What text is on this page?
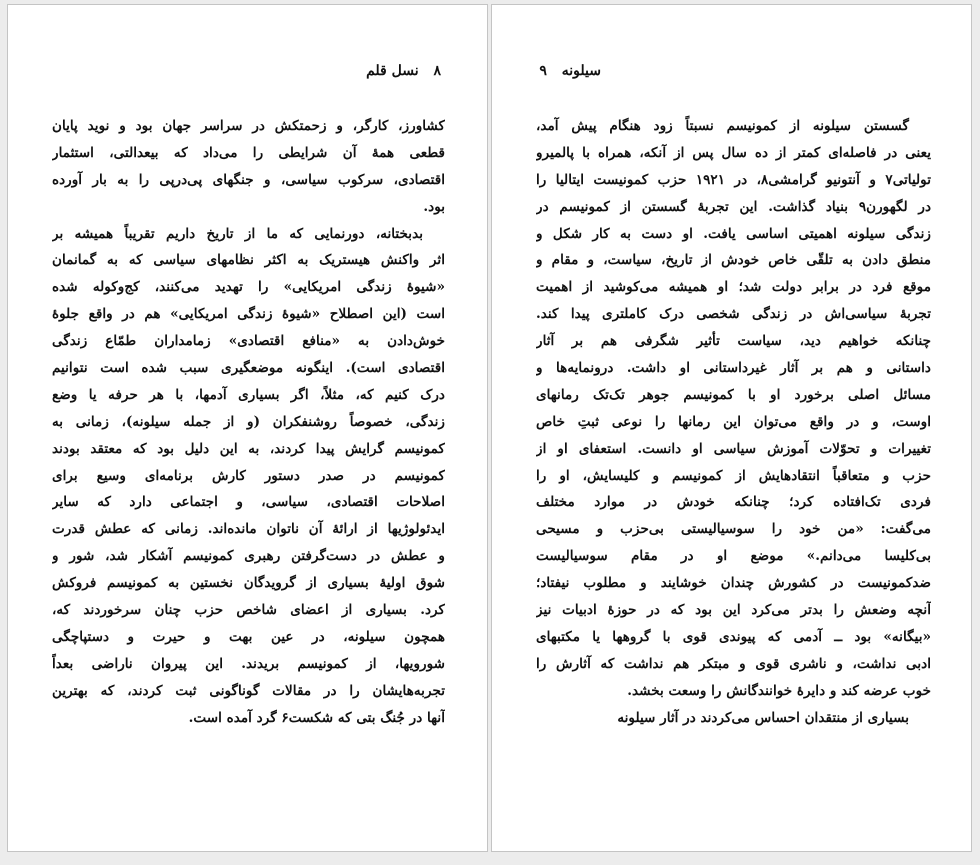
۸ نسل قلم
کشاورز، کارگر، و زحمتکش در سراسر جهان بود و نوید پایان
قطعی همهٔ آن شرایطی را می‌داد که بیعدالتی، استثمار
اقتصادی، سرکوب سیاسی، و جنگهای پی‌درپی را به بار آورده
بود.
بدبختانه، دورنمایی که ما از تاریخ داریم تقریباً همیشه بر
اثر واکنش هیستریک به اکثر نظامهای سیاسی که به گمانمان
«شیوهٔ زندگی امریکایی» را تهدید می‌کنند، کج‌وکوله شده
است (این اصطلاح «شیوهٔ زندگی امریکایی» هم در واقع جلوهٔ
خوش‌دادن به «منافع اقتصادی» زمامداران طمّاع زندگی
اقتصادی است). اینگونه موضعگیری سبب شده است نتوانیم
درک کنیم که، مثلاً، اگر بسیاری آدمها، با هر حرفه یا وضع
زندگی، خصوصاً روشنفکران (و از جمله سیلونه)، زمانی به
کمونیسم گرایش پیدا کردند، به این دلیل بود که معتقد بودند
کمونیسم در صدر دستور کارش برنامه‌ای وسیع برای
اصلاحات اقتصادی، سیاسی، و اجتماعی دارد که سایر
ایدئولوژیها از ارائهٔ آن ناتوان مانده‌اند. زمانی که عطش قدرت
و عطش در دست‌گرفتن رهبری کمونیسم آشکار شد، شور و
شوق اولیهٔ بسیاری از گرویدگان نخستین به کمونیسم فروکش
کرد. بسیاری از اعضای شاخص حزب چنان سرخوردند که،
همچون سیلونه، در عین بهت و حیرت و دستپاچگی
شورویها، از کمونیسم بریدند. این پیروان ناراضی بعداً
تجربه‌هایشان را در مقالات گوناگونی ثبت کردند، که بهترین
آنها در جُنگ بتی که شکست۶ گرد آمده است.
سیلونه ۹
گسستن سیلونه از کمونیسم نسبتاً زود هنگام پیش آمد،
یعنی در فاصله‌ای کمتر از ده سال پس از آنکه، همراه با پالمیرو
تولیاتی۷ و آنتونیو گرامشی۸، در ۱۹۲۱ حزب کمونیست ایتالیا را
در لگهورن۹ بنیاد گذاشت. این تجربهٔ گسستن از کمونیسم در
زندگی سیلونه اهمیتی اساسی یافت. او دست به کار شکل و
منطق دادن به تلقّی خاص خودش از تاریخ، سیاست، و مقام و
موقع فرد در برابر دولت شد؛ او همیشه می‌کوشید از اهمیت
تجربهٔ سیاسی‌اش در زندگی شخصی درک کاملتری پیدا کند.
چنانکه خواهیم دید، سیاست تأثیر شگرفی هم بر آثار
داستانی و هم بر آثار غیرداستانی او داشت. درونمایه‌ها و
مسائل اصلی برخورد او با کمونیسم جوهر تک‌تک رمانهای
اوست، و در واقع می‌توان این رمانها را نوعی ثبتِ خاص
تغییرات و تحوّلات آموزش سیاسی او دانست. استعفای او از
حزب و متعاقباً انتقادهایش از کمونیسم و کلیسایش، او را
فردی تک‌افتاده کرد؛ چنانکه خودش در موارد مختلف
می‌گفت: «من خود را سوسیالیستی بی‌حزب و مسیحی
بی‌کلیسا می‌دانم.» موضع او در مقام سوسیالیست
ضدکمونیست در کشورش چندان خوشایند و مطلوب نیفتاد؛
آنچه وضعش را بدتر می‌کرد این بود که در حوزهٔ ادبیات نیز
«بیگانه» بود ــ آدمی که پیوندی قوی با گروهها یا مکتبهای
ادبی نداشت، و ناشری قوی و مبتکر هم نداشت که آثارش را
خوب عرضه کند و دایرهٔ خوانندگانش را وسعت بخشد.
بسیاری از منتقدان احساس می‌کردند در آثار سیلونه
